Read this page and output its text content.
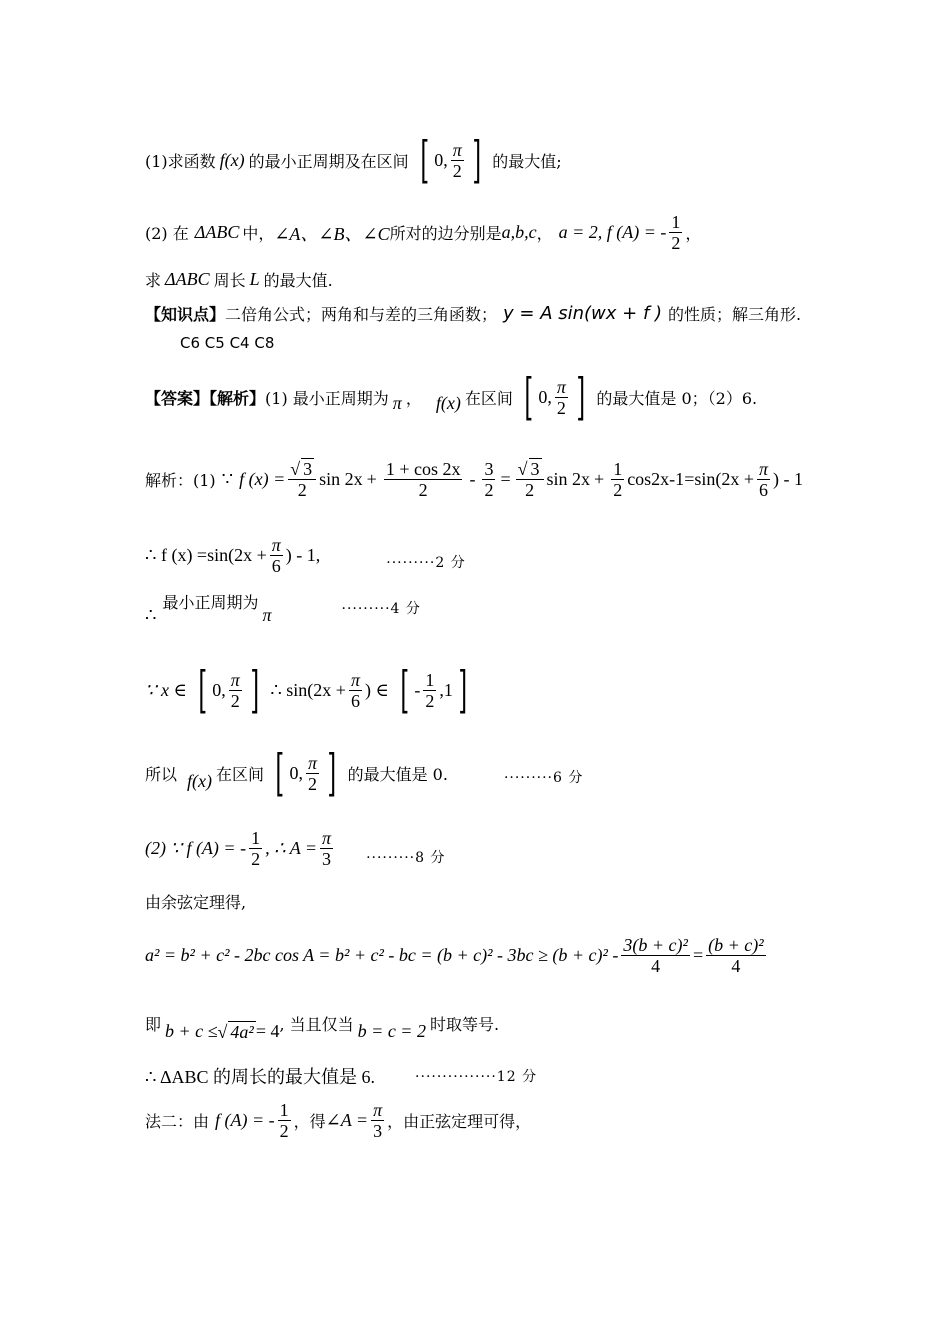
(1)求函数 f(x) 的最小正周期及在区间 [ 0, $\frac{\pi}{2}$ ] 的最大值;
(2) 在 ΔABC 中， ∠A、∠B、∠C 所对的边分别是 a,b,c ， a = 2, f (A) = - $\frac{1}{2}$ ，
求 ΔABC 周长 L 的最大值.
【知识点】 二倍角公式；两角和与差的三角函数； y = A sin(wx + f ) 的性质；解三角形.
C6 C5 C4 C8
【答案】【解析】 (1) 最小正周期为 π ， f(x) 在区间 [ 0, $\frac{\pi}{2}$ ] 的最大值是 0；（2）6.
解析：(1) ∵ f $(x) = \frac{√ 3}{2}$ $\sin 2x + \frac{1 + \cos 2x}{2} - \frac{3}{2} = \frac{√ 3}{2}$ $\sin 2x + \frac{1}{2} \cos 2x-1 = \sin(2x + \frac{\pi}{6}$ ) - 1
∴ f $(x) =\sin(2x + \frac{\pi}{6}$ ) - 1,	·········2 分
∴
最小正周期为
π	·········4 分
∵ x ∈ [ 0, $\frac{\pi}{2}$ ] ∴ $\sin(2x + \frac{\pi}{6}$ ) ∈ [ - $\frac{1}{2} ,1$ ]
所以 f(x) 在区间 [ 0, $\frac{\pi}{2}$ ] 的最大值是 0.	·········6 分
(2) ∵ f (A) = - $\frac{1}{2}$ , ∴ $A = \frac{\pi}{3} \cdot\cdot\cdot\cdot\cdot\cdot\cdot\cdot\cdot 8$ 分
由余弦定理得,
a² = b² + c² - 2bc cos A = b² + c² - bc = $(b + c)^2 - 3bc \ge (b + c)^2 - \frac{\text{3(b + c)²}}{4} = \frac{\text{(b + c)²}}{4}$
即 b + c ≤ √ 4a² = 4 , 当且仅当 b = c = 2 时取等号.
∴ ΔABC 的周长的最大值是 6.	···············12 分
法二：由 f (A) = - $\frac{1}{2}$ ，得 ∠A = $\frac{\pi}{3}$ ，由正弦定理可得，
